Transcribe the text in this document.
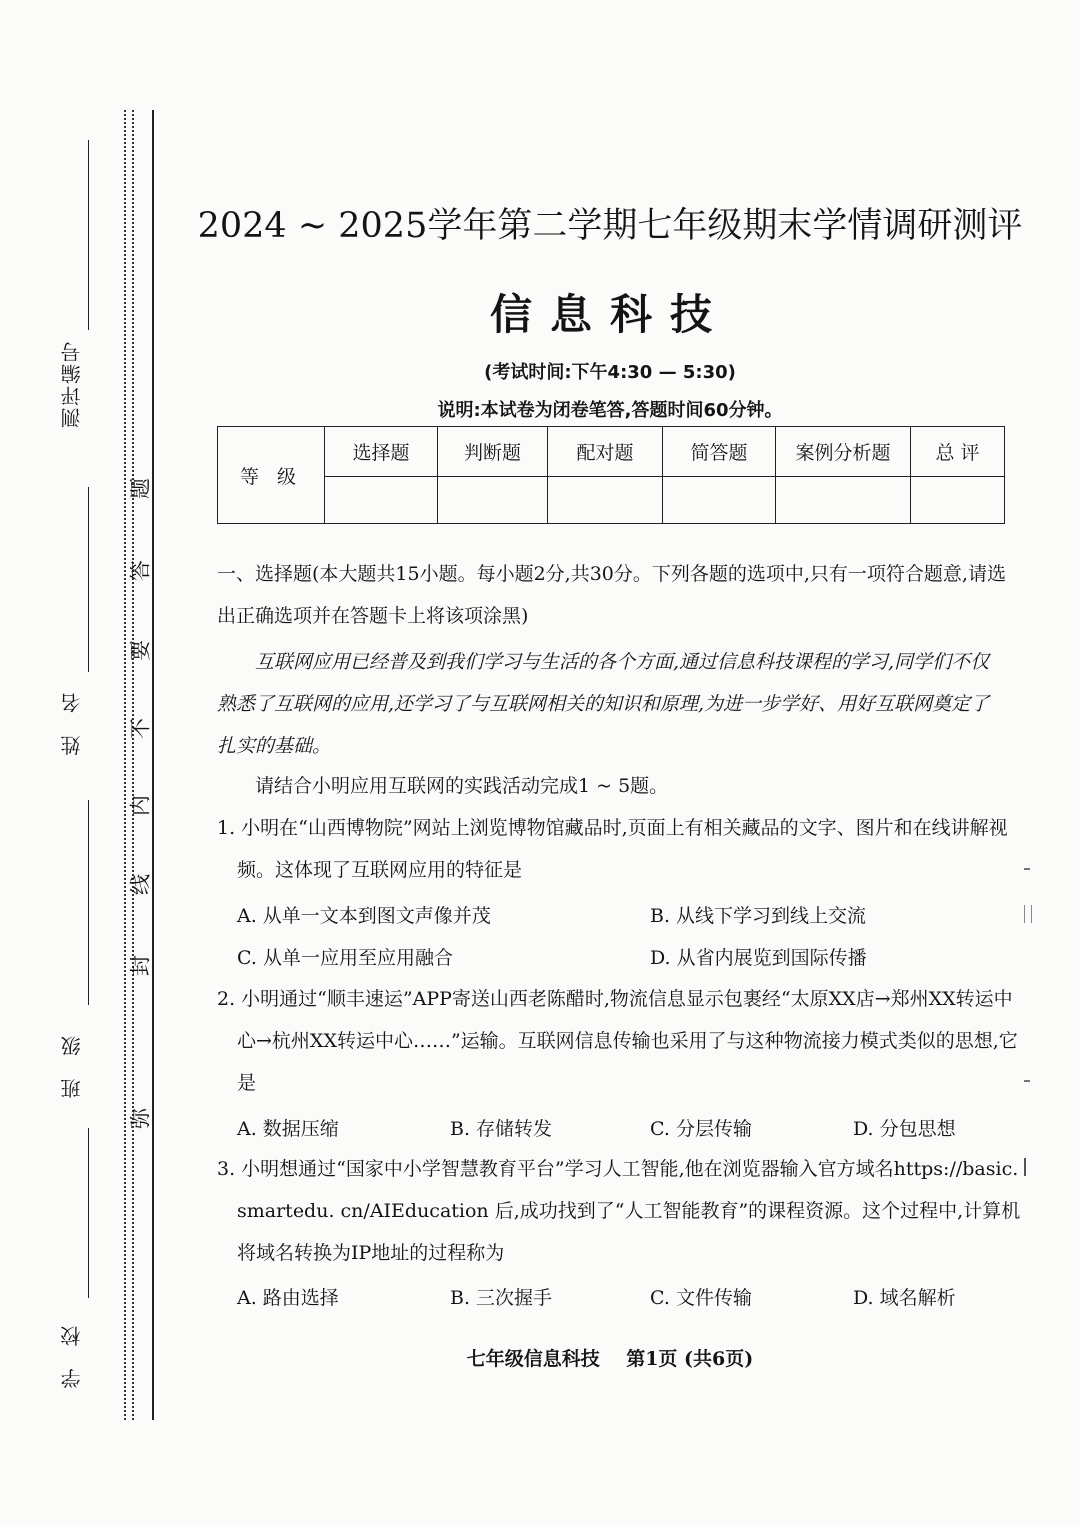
弥
封
线
内
不
要
答
题
学 校
班 级
姓 名
测评编号
2024 ~ 2025学年第二学期七年级期末学情调研测评
信息科技
(考试时间:下午4:30 — 5:30)
说明:本试卷为闭卷笔答,答题时间60分钟。
等 级	选择题	判断题	配对题	简答题	案例分析题	总 评

一、选择题(本大题共15小题。每小题2分,共30分。下列各题的选项中,只有一项符合题意,请选出正确选项并在答题卡上将该项涂黑)
互联网应用已经普及到我们学习与生活的各个方面,通过信息科技课程的学习,同学们不仅熟悉了互联网的应用,还学习了与互联网相关的知识和原理,为进一步学好、用好互联网奠定了扎实的基础。
请结合小明应用互联网的实践活动完成1 ~ 5题。
1. 小明在“山西博物院”网站上浏览博物馆藏品时,页面上有相关藏品的文字、图片和在线讲解视频。这体现了互联网应用的特征是
A. 从单一文本到图文声像并茂	B. 从线下学习到线上交流
C. 从单一应用至应用融合	D. 从省内展览到国际传播
2. 小明通过“顺丰速运”APP寄送山西老陈醋时,物流信息显示包裹经“太原XX店→郑州XX转运中心→杭州XX转运中心……”运输。互联网信息传输也采用了与这种物流接力模式类似的思想,它是
A. 数据压缩	B. 存储转发	C. 分层传输	D. 分包思想
3. 小明想通过“国家中小学智慧教育平台”学习人工智能,他在浏览器输入官方域名https://basic. smartedu. cn/AIEducation 后,成功找到了“人工智能教育”的课程资源。这个过程中,计算机将域名转换为IP地址的过程称为
A. 路由选择	B. 三次握手	C. 文件传输	D. 域名解析
七年级信息科技    第1页 (共6页)
